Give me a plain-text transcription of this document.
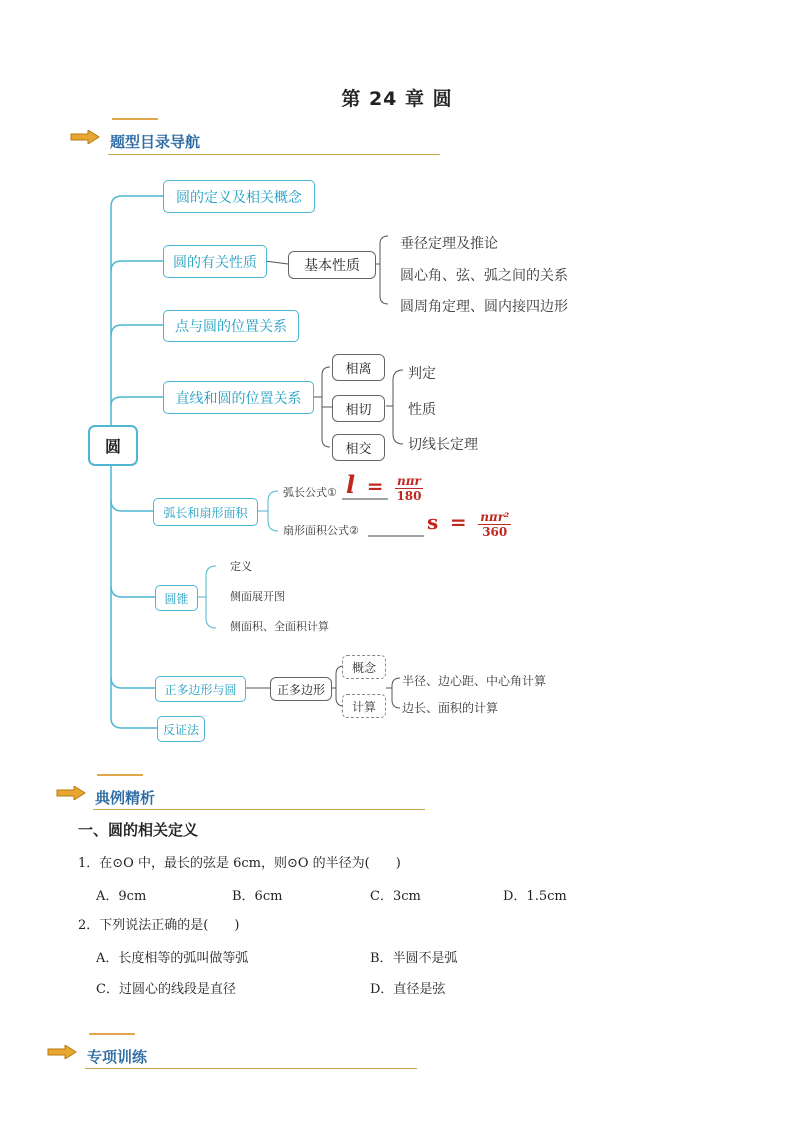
第 24 章 圆
题型目录导航
圆
圆的定义及相关概念
圆的有关性质	基本性质
垂径定理及推论
圆心角、弦、弧之间的关系
圆周角定理、圆内接四边形
点与圆的位置关系
直线和圆的位置关系
相离
相切
相交
判定
性质
切线长定理
弧长和扇形面积
弧长公式①
扇形面积公式②
$l = \frac{\text{nπr}}{180}$
$s = \frac{\text{nπr²}}{360}$
圆锥
定义
侧面展开图
侧面积、全面积计算
正多边形与圆	正多边形
概念
计算
半径、边心距、中心角计算
边长、面积的计算
反证法
典例精析
一、圆的相关定义
1．在⊙O 中，最长的弦是 6cm，则⊙O 的半径为(　　)
A．9cm	B．6cm	C．3cm	D．1.5cm
2．下列说法正确的是(　　)
A．长度相等的弧叫做等弧	B．半圆不是弧
C．过圆心的线段是直径	D．直径是弦
专项训练
